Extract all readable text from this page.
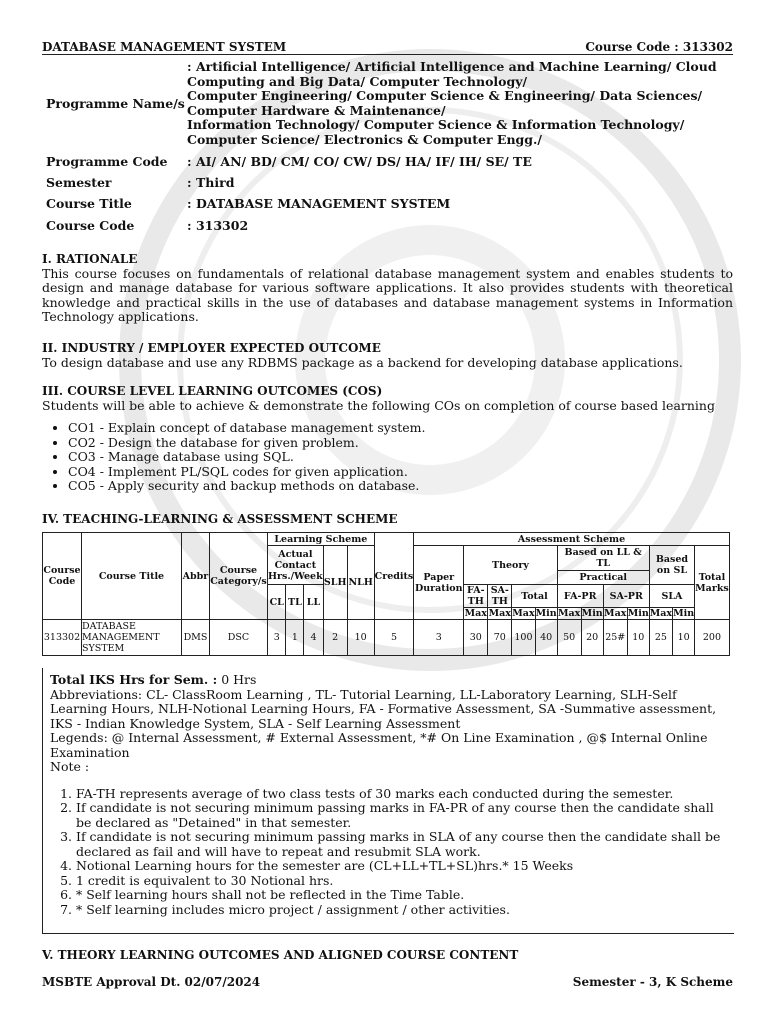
DATABASE MANAGEMENT SYSTEM	Course Code : 313302
Programme Name/s
: Artificial Intelligence/ Artificial Intelligence and Machine Learning/ Cloud Computing and Big Data/ Computer Technology/
Computer Engineering/ Computer Science & Engineering/ Data Sciences/ Computer Hardware & Maintenance/
Information Technology/ Computer Science & Information Technology/ Computer Science/ Electronics & Computer Engg./
Programme Code : AI/ AN/ BD/ CM/ CO/ CW/ DS/ HA/ IF/ IH/ SE/ TE
Semester	: Third
Course Title	: DATABASE MANAGEMENT SYSTEM
Course Code	: 313302
I. RATIONALE

This course focuses on fundamentals of relational database management system and enables students to design and manage database for various software applications. It also provides students with theoretical knowledge and practical skills in the use of databases and database management systems in Information Technology applications.

II. INDUSTRY / EMPLOYER EXPECTED OUTCOME

To design database and use any RDBMS package as a backend for developing database applications.

III. COURSE LEVEL LEARNING OUTCOMES (COS)

Students will be able to achieve & demonstrate the following COs on completion of course based learning

• CO1 - Explain concept of database management system.
• CO2 - Design the database for given problem.
• CO3 - Manage database using SQL.
• CO4 - Implement PL/SQL codes for given application.
• CO5 - Apply security and backup methods on database.
IV. TEACHING-LEARNING & ASSESSMENT SCHEME
Course Code	Course Title	Abbr	Course Category/s	Learning Scheme					Credits	Assessment Scheme											
				Actual Contact Hrs./Week			SLH	NLH		Paper Duration	Theory				Based on LL & TL				Based on SL		Total Marks
															Practical						
				CL	TL	LL					FA-TH	SA-TH	Total		FA-PR		SA-PR		SLA		
											Max	Max	Max	Min	Max	Min	Max	Min	Max	Min	
313302	DATABASE MANAGEMENT SYSTEM	DMS	DSC	3	1	4	2	10	5	3	30	70	100	40	50	20	25#	10	25	10	200
Total IKS Hrs for Sem. : 0 Hrs
Abbreviations: CL- ClassRoom Learning , TL- Tutorial Learning, LL-Laboratory Learning, SLH-Self Learning Hours, NLH-Notional Learning Hours, FA - Formative Assessment, SA -Summative assessment, IKS - Indian Knowledge System, SLA - Self Learning Assessment
Legends: @ Internal Assessment, # External Assessment, *# On Line Examination , @$ Internal Online Examination
Note :
1. FA-TH represents average of two class tests of 30 marks each conducted during the semester.
2. If candidate is not securing minimum passing marks in FA-PR of any course then the candidate shall be declared as "Detained" in that semester.
3. If candidate is not securing minimum passing marks in SLA of any course then the candidate shall be declared as fail and will have to repeat and resubmit SLA work.
4. Notional Learning hours for the semester are (CL+LL+TL+SL)hrs.* 15 Weeks
5. 1 credit is equivalent to 30 Notional hrs.
6. * Self learning hours shall not be reflected in the Time Table.
7. * Self learning includes micro project / assignment / other activities.
V. THEORY LEARNING OUTCOMES AND ALIGNED COURSE CONTENT
MSBTE Approval Dt. 02/07/2024	Semester - 3, K Scheme
